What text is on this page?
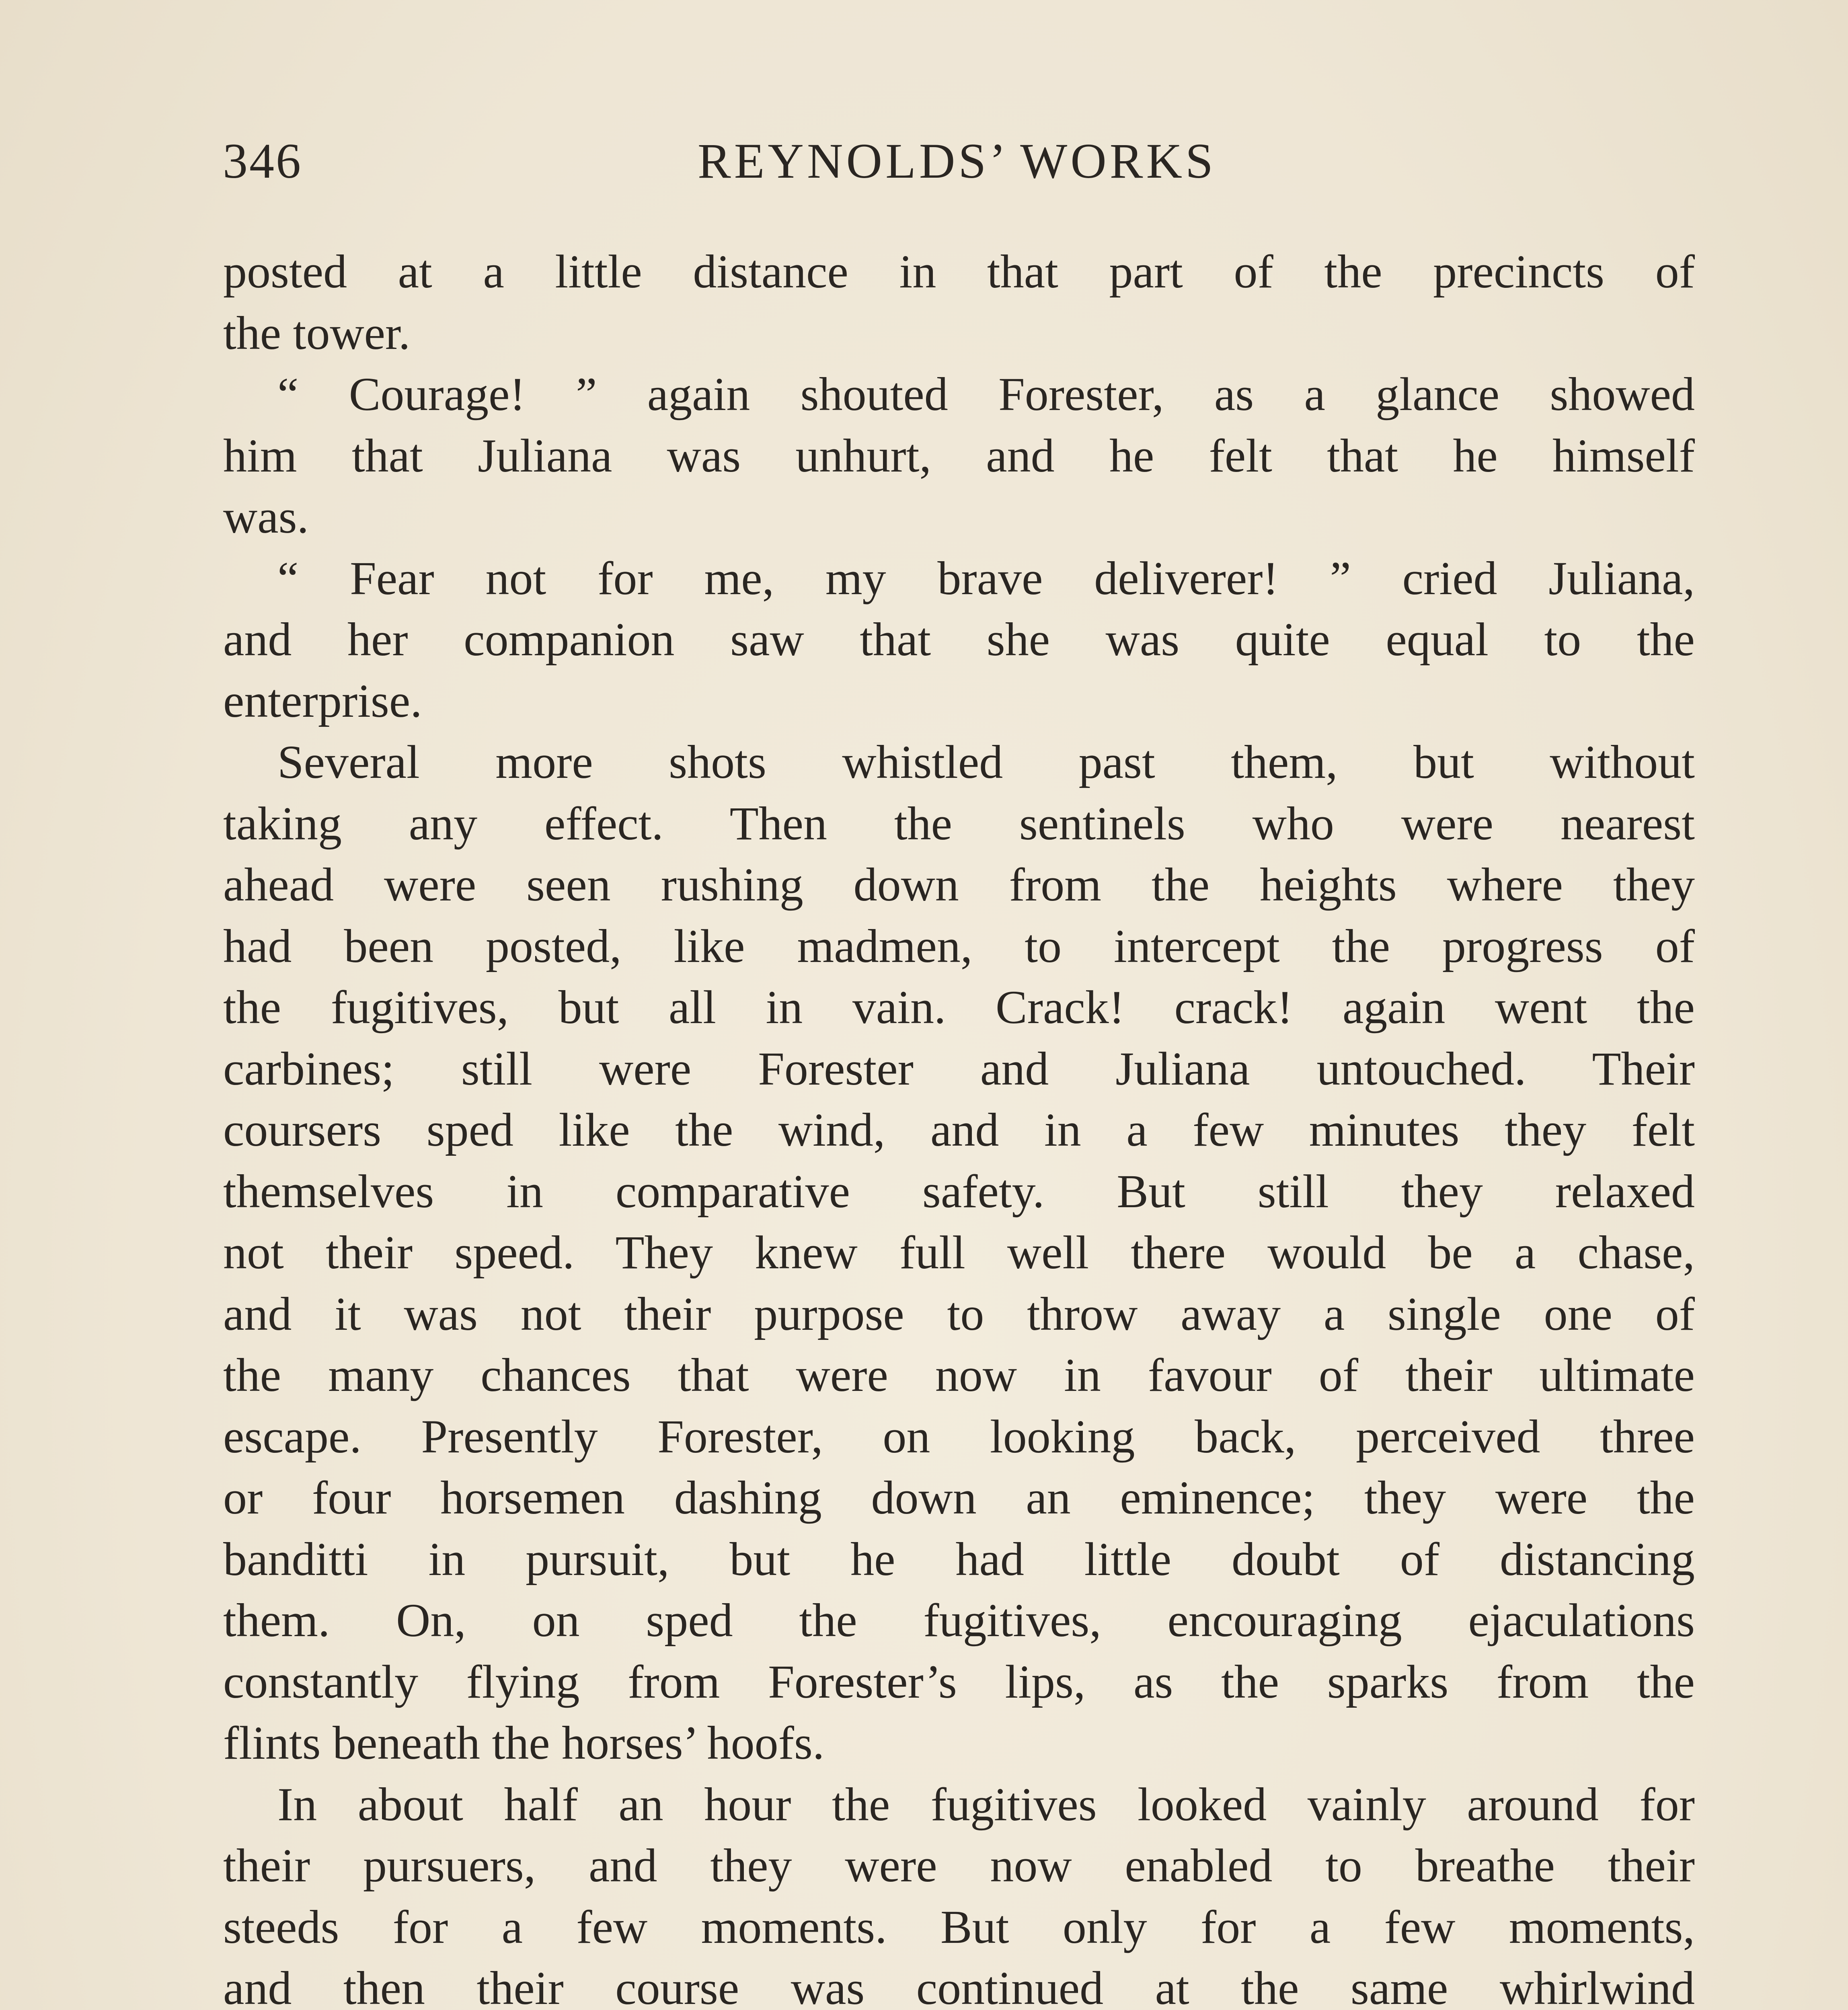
346	REYNOLDS’ WORKS
posted at a little distance in that part of the precincts of
the tower.
“ Courage! ” again shouted Forester, as a glance showed
him that Juliana was unhurt, and he felt that he himself
was.
“ Fear not for me, my brave deliverer! ” cried Juliana,
and her companion saw that she was quite equal to the
enterprise.
Several more shots whistled past them, but without
taking any effect. Then the sentinels who were nearest
ahead were seen rushing down from the heights where they
had been posted, like madmen, to intercept the progress of
the fugitives, but all in vain. Crack! crack! again went the
carbines; still were Forester and Juliana untouched. Their
coursers sped like the wind, and in a few minutes they felt
themselves in comparative safety. But still they relaxed
not their speed. They knew full well there would be a chase,
and it was not their purpose to throw away a single one of
the many chances that were now in favour of their ultimate
escape. Presently Forester, on looking back, perceived three
or four horsemen dashing down an eminence; they were the
banditti in pursuit, but he had little doubt of distancing
them. On, on sped the fugitives, encouraging ejaculations
constantly flying from Forester’s lips, as the sparks from the
flints beneath the horses’ hoofs.
In about half an hour the fugitives looked vainly around for
their pursuers, and they were now enabled to breathe their
steeds for a few moments. But only for a few moments,
and then their course was continued at the same whirlwind
